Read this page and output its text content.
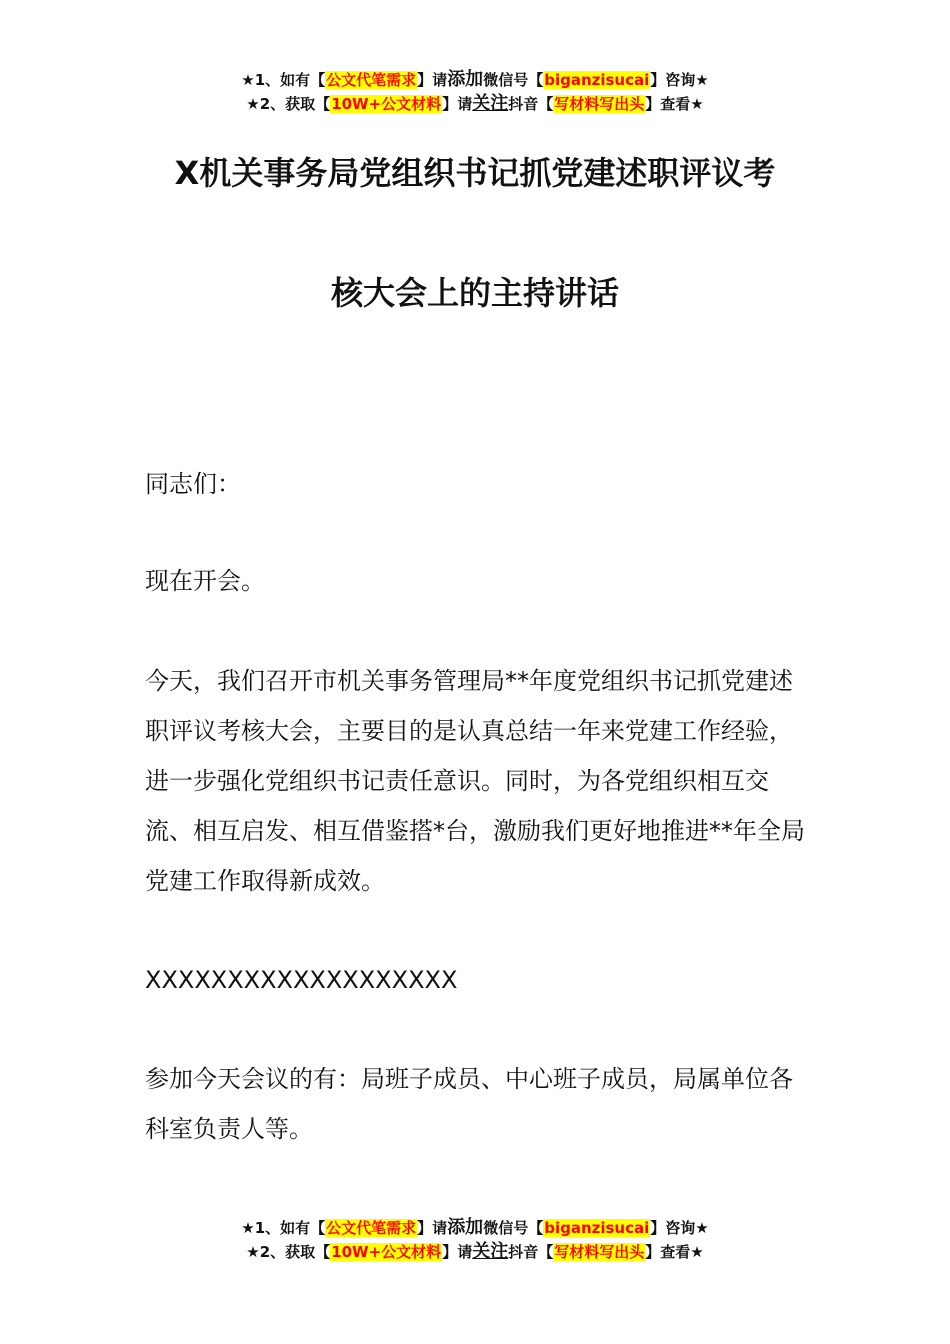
★1、如有【公文代笔需求】请添加微信号【biganzisucai】咨询★
★2、获取【10W+公文材料】请关注抖音【写材料写出头】查看★
X机关事务局党组织书记抓党建述职评议考
核大会上的主持讲话

同志们：

现在开会。

今天，我们召开市机关事务管理局**年度党组织书记抓党建述职评议考核大会，主要目的是认真总结一年来党建工作经验，进一步强化党组织书记责任意识。同时，为各党组织相互交流、相互启发、相互借鉴搭*台，激励我们更好地推进**年全局党建工作取得新成效。

XXXXXXXXXXXXXXXXXXX

参加今天会议的有：局班子成员、中心班子成员，局属单位各科室负责人等。

★1、如有【公文代笔需求】请添加微信号【biganzisucai】咨询★
★2、获取【10W+公文材料】请关注抖音【写材料写出头】查看★
